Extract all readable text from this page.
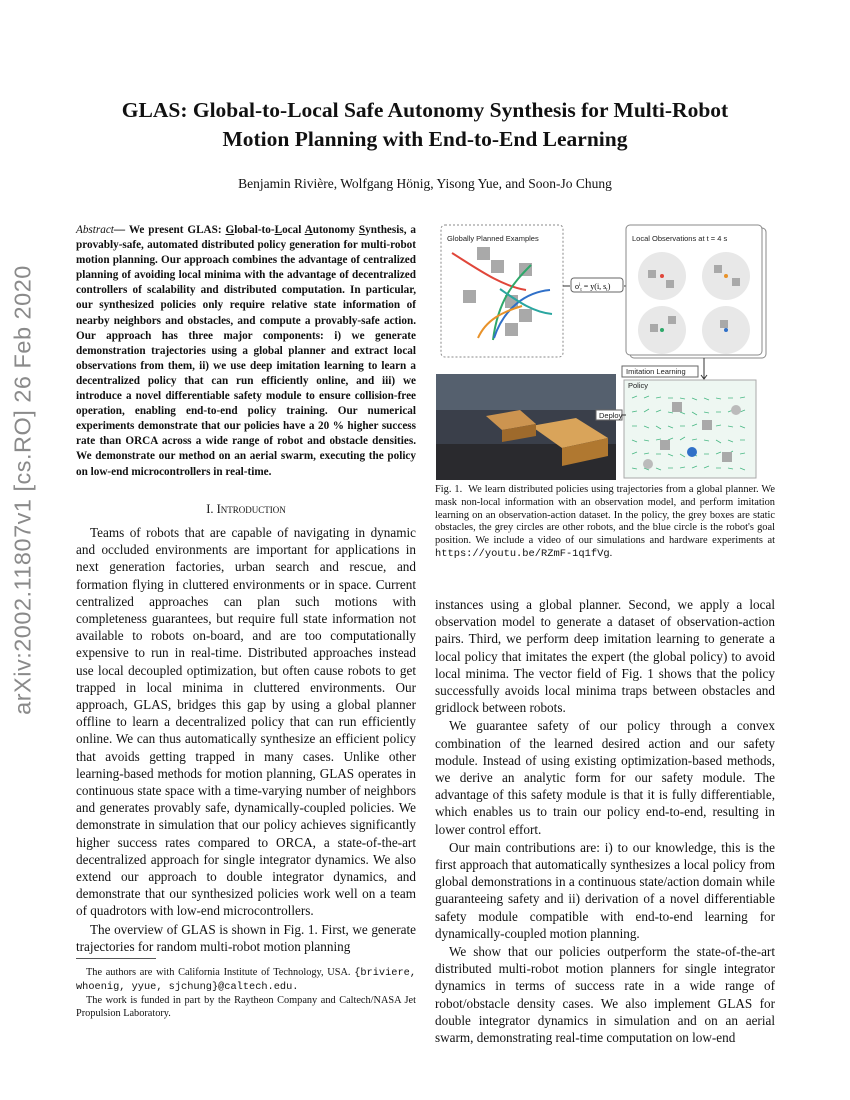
GLAS: Global-to-Local Safe Autonomy Synthesis for Multi-Robot
Motion Planning with End-to-End Learning
Benjamin Rivière, Wolfgang Hönig, Yisong Yue, and Soon-Jo Chung
arXiv:2002.11807v1 [cs.RO] 26 Feb 2020
Abstract— We present GLAS: Global-to-Local Autonomy Synthesis, a provably-safe, automated distributed policy generation for multi-robot motion planning. Our approach combines the advantage of centralized planning of avoiding local minima with the advantage of decentralized controllers of scalability and distributed computation. In particular, our synthesized policies only require relative state information of nearby neighbors and obstacles, and compute a provably-safe action. Our approach has three major components: i) we generate demonstration trajectories using a global planner and extract local observations from them, ii) we use deep imitation learning to learn a decentralized policy that can run efficiently online, and iii) we introduce a novel differentiable safety module to ensure collision-free operation, enabling end-to-end policy training. Our numerical experiments demonstrate that our policies have a 20 % higher success rate than ORCA across a wide range of robot and obstacle densities. We demonstrate our method on an aerial swarm, executing the policy on low-end microcontrollers in real-time.
I. Introduction

Teams of robots that are capable of navigating in dynamic and occluded environments are important for applications in next generation factories, urban search and rescue, and formation flying in cluttered environments or in space. Current centralized approaches can plan such motions with completeness guarantees, but require full state information not available to robots on-board, and are too computationally expensive to run in real-time. Distributed approaches instead use local decoupled optimization, but often cause robots to get trapped in local minima in cluttered environments. Our approach, GLAS, bridges this gap by using a global planner offline to learn a decentralized policy that can run efficiently online. We can thus automatically synthesize an efficient policy that avoids getting trapped in many cases. Unlike other learning-based methods for motion planning, GLAS operates in continuous state space with a time-varying number of neighbors and generates provably safe, dynamically-coupled policies. We demonstrate in simulation that our policy achieves significantly higher success rates compared to ORCA, a state-of-the-art decentralized approach for single integrator dynamics. We also extend our approach to double integrator dynamics, and demonstrate that our synthesized policies work well on a team of quadrotors with low-end microcontrollers.

The overview of GLAS is shown in Fig. 1. First, we generate trajectories for random multi-robot motion planning

The authors are with California Institute of Technology, USA. {briviere, whoenig, yyue, sjchung}@caltech.edu.

The work is funded in part by the Raytheon Company and Caltech/NASA Jet Propulsion Laboratory.

Globally Planned Examples
$o^i_t = y(i$, $s_t$)
Local Observations at t = 4 s
Imitation Learning
Policy
Deploy
Fig. 1. We learn distributed policies using trajectories from a global planner. We mask non-local information with an observation model, and perform imitation learning on an observation-action dataset. In the policy, the grey boxes are static obstacles, the grey circles are other robots, and the blue circle is the robot's goal position. We include a video of our simulations and hardware experiments at https://youtu.be/RZmF-1q1fVg.

instances using a global planner. Second, we apply a local observation model to generate a dataset of observation-action pairs. Third, we perform deep imitation learning to generate a local policy that imitates the expert (the global policy) to avoid local minima. The vector field of Fig. 1 shows that the policy successfully avoids local minima traps between obstacles and gridlock between robots.

We guarantee safety of our policy through a convex combination of the learned desired action and our safety module. Instead of using existing optimization-based methods, we derive an analytic form for our safety module. The advantage of this safety module is that it is fully differentiable, which enables us to train our policy end-to-end, resulting in lower control effort.

Our main contributions are: i) to our knowledge, this is the first approach that automatically synthesizes a local policy from global demonstrations in a continuous state/action domain while guaranteeing safety and ii) derivation of a novel differentiable safety module compatible with end-to-end learning for dynamically-coupled motion planning.

We show that our policies outperform the state-of-the-art distributed multi-robot motion planners for single integrator dynamics in terms of success rate in a wide range of robot/obstacle density cases. We also implement GLAS for double integrator dynamics in simulation and on an aerial swarm, demonstrating real-time computation on low-end
